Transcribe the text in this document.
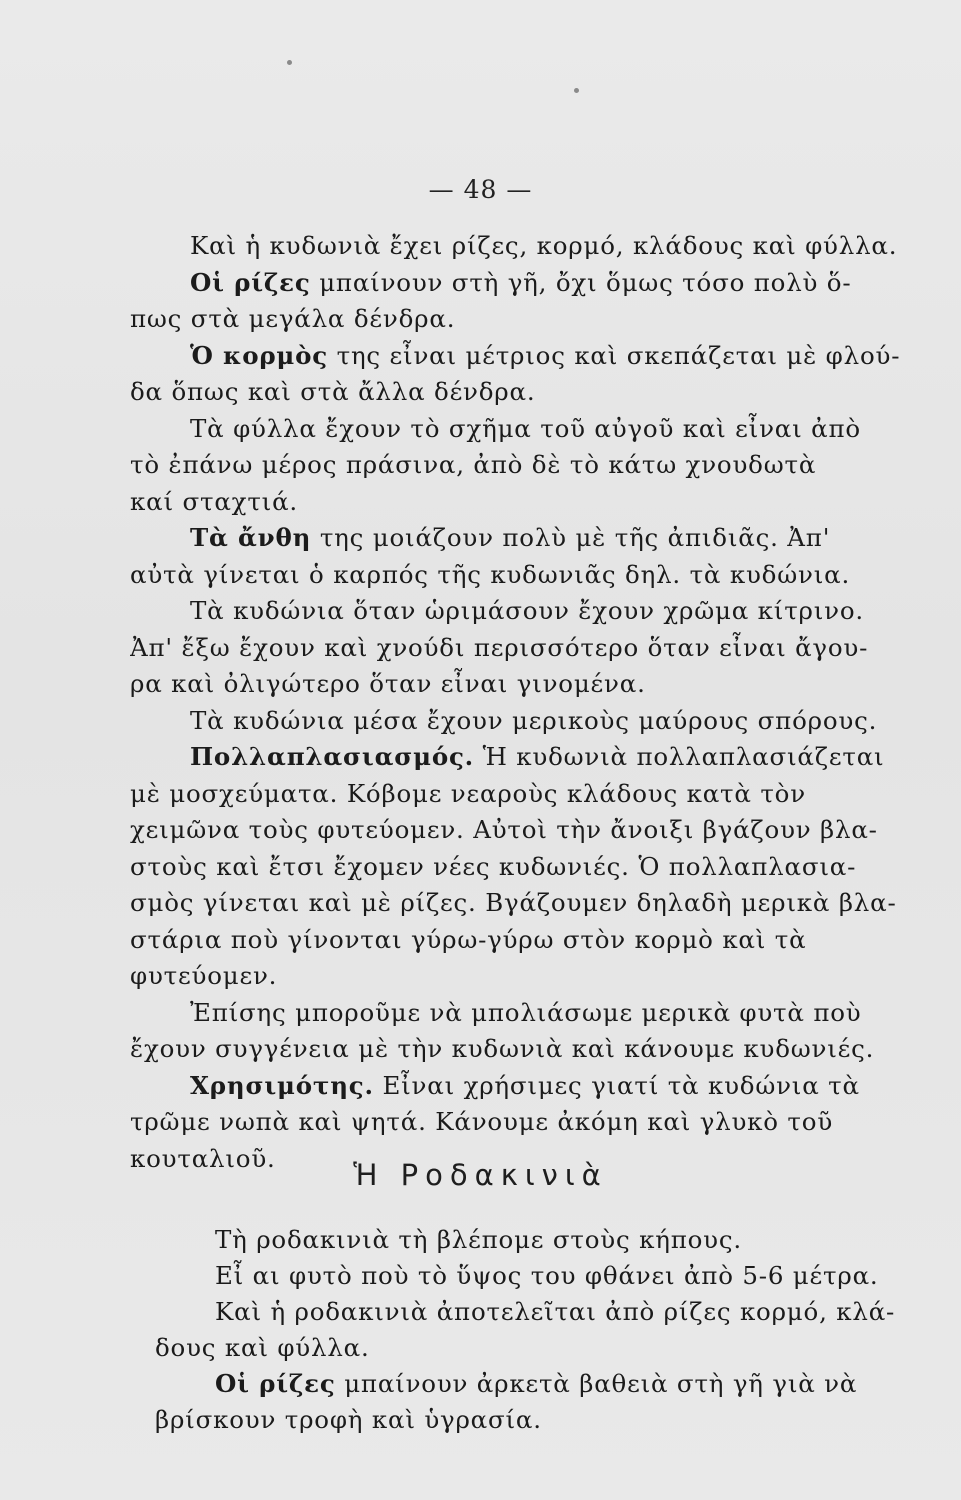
— 48 —
Καὶ ἡ κυδωνιὰ ἔχει ρίζες, κορμό, κλάδους καὶ φύλλα.
Οἱ ρίζες μπαίνουν στὴ γῆ, ὄχι ὅμως τόσο πολὺ ὅ-
πως στὰ μεγάλα δένδρα.
Ὁ κορμὸς της εἶναι μέτριος καὶ σκεπάζεται μὲ φλού-
δα ὅπως καὶ στὰ ἄλλα δένδρα.
Τὰ φύλλα ἔχουν τὸ σχῆμα τοῦ αὐγοῦ καὶ εἶναι ἀπὸ
τὸ ἐπάνω μέρος πράσινα, ἀπὸ δὲ τὸ κάτω χνουδωτὰ
καί σταχτιά.
Τὰ ἄνθη της μοιάζουν πολὺ μὲ τῆς ἀπιδιᾶς. Ἀπ'
αὐτὰ γίνεται ὁ καρπός τῆς κυδωνιᾶς δηλ. τὰ κυδώνια.
Τὰ κυδώνια ὅταν ὡριμάσουν ἔχουν χρῶμα κίτρινο.
Ἀπ' ἔξω ἔχουν καὶ χνούδι περισσότερο ὅταν εἶναι ἄγου-
ρα καὶ ὀλιγώτερο ὅταν εἶναι γινομένα.
Τὰ κυδώνια μέσα ἔχουν μερικοὺς μαύρους σπόρους.
Πολλαπλασιασμός. Ἡ κυδωνιὰ πολλαπλασιάζεται
μὲ μοσχεύματα. Κόβομε νεαροὺς κλάδους κατὰ τὸν
χειμῶνα τοὺς φυτεύομεν. Αὐτοὶ τὴν ἄνοιξι βγάζουν βλα-
στοὺς καὶ ἔτσι ἔχομεν νέες κυδωνιές. Ὁ πολλαπλασια-
σμὸς γίνεται καὶ μὲ ρίζες. Βγάζουμεν δηλαδὴ μερικὰ βλα-
στάρια ποὺ γίνονται γύρω-γύρω στὸν κορμὸ καὶ τὰ
φυτεύομεν.
Ἐπίσης μποροῦμε νὰ μπολιάσωμε μερικὰ φυτὰ ποὺ
ἔχουν συγγένεια μὲ τὴν κυδωνιὰ καὶ κάνουμε κυδωνιές.
Χρησιμότης. Εἶναι χρήσιμες γιατί τὰ κυδώνια τὰ
τρῶμε νωπὰ καὶ ψητά. Κάνουμε ἀκόμη καὶ γλυκὸ τοῦ
κουταλιοῦ.	Ἡ Ροδακινιὰ
Τὴ ροδακινιὰ τὴ βλέπομε στοὺς κήπους.
Εἶ αι φυτὸ ποὺ τὸ ὕψος του φθάνει ἀπὸ 5-6 μέτρα.
Καὶ ἡ ροδακινιὰ ἀποτελεῖται ἀπὸ ρίζες κορμό, κλά-
δους καὶ φύλλα.
Οἱ ρίζες μπαίνουν ἀρκετὰ βαθειὰ στὴ γῆ γιὰ νὰ
βρίσκουν τροφὴ καὶ ὑγρασία.
